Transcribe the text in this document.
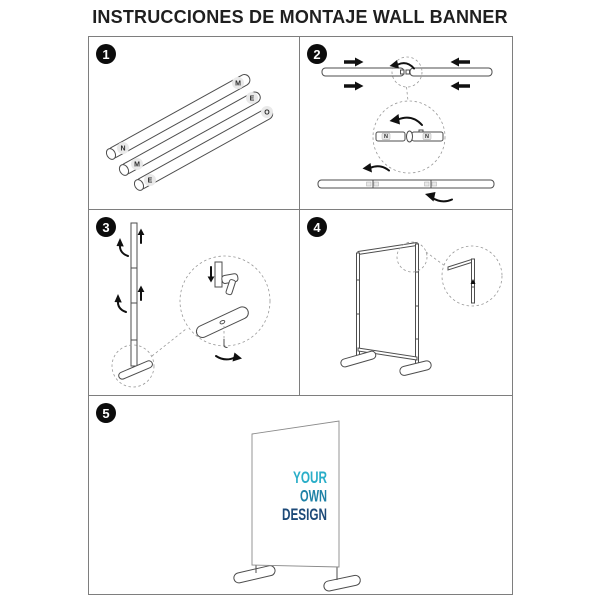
INSTRUCCIONES DE MONTAJE WALL BANNER
1
M
E
O
N
M
E
2
N	N
3	4
5
YOUR
OWN
DESIGN
